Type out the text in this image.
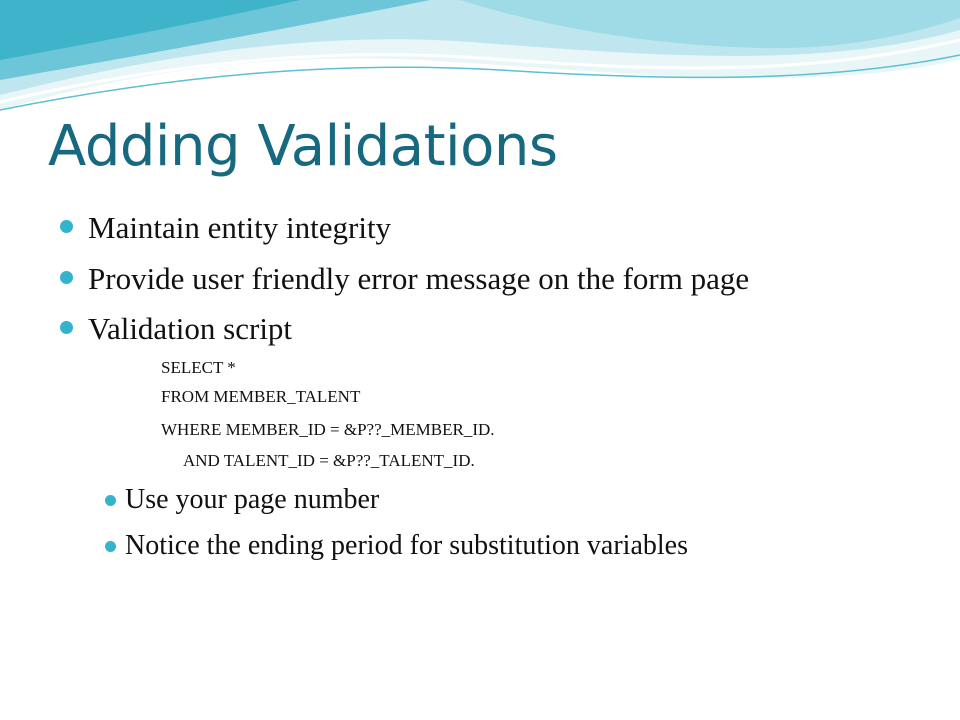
Adding Validations
Maintain entity integrity
Provide user friendly error message on the form page
Validation script
SELECT *
FROM MEMBER_TALENT
WHERE MEMBER_ID = &P??_MEMBER_ID.
AND TALENT_ID = &P??_TALENT_ID.
Use your page number
Notice the ending period for substitution variables
